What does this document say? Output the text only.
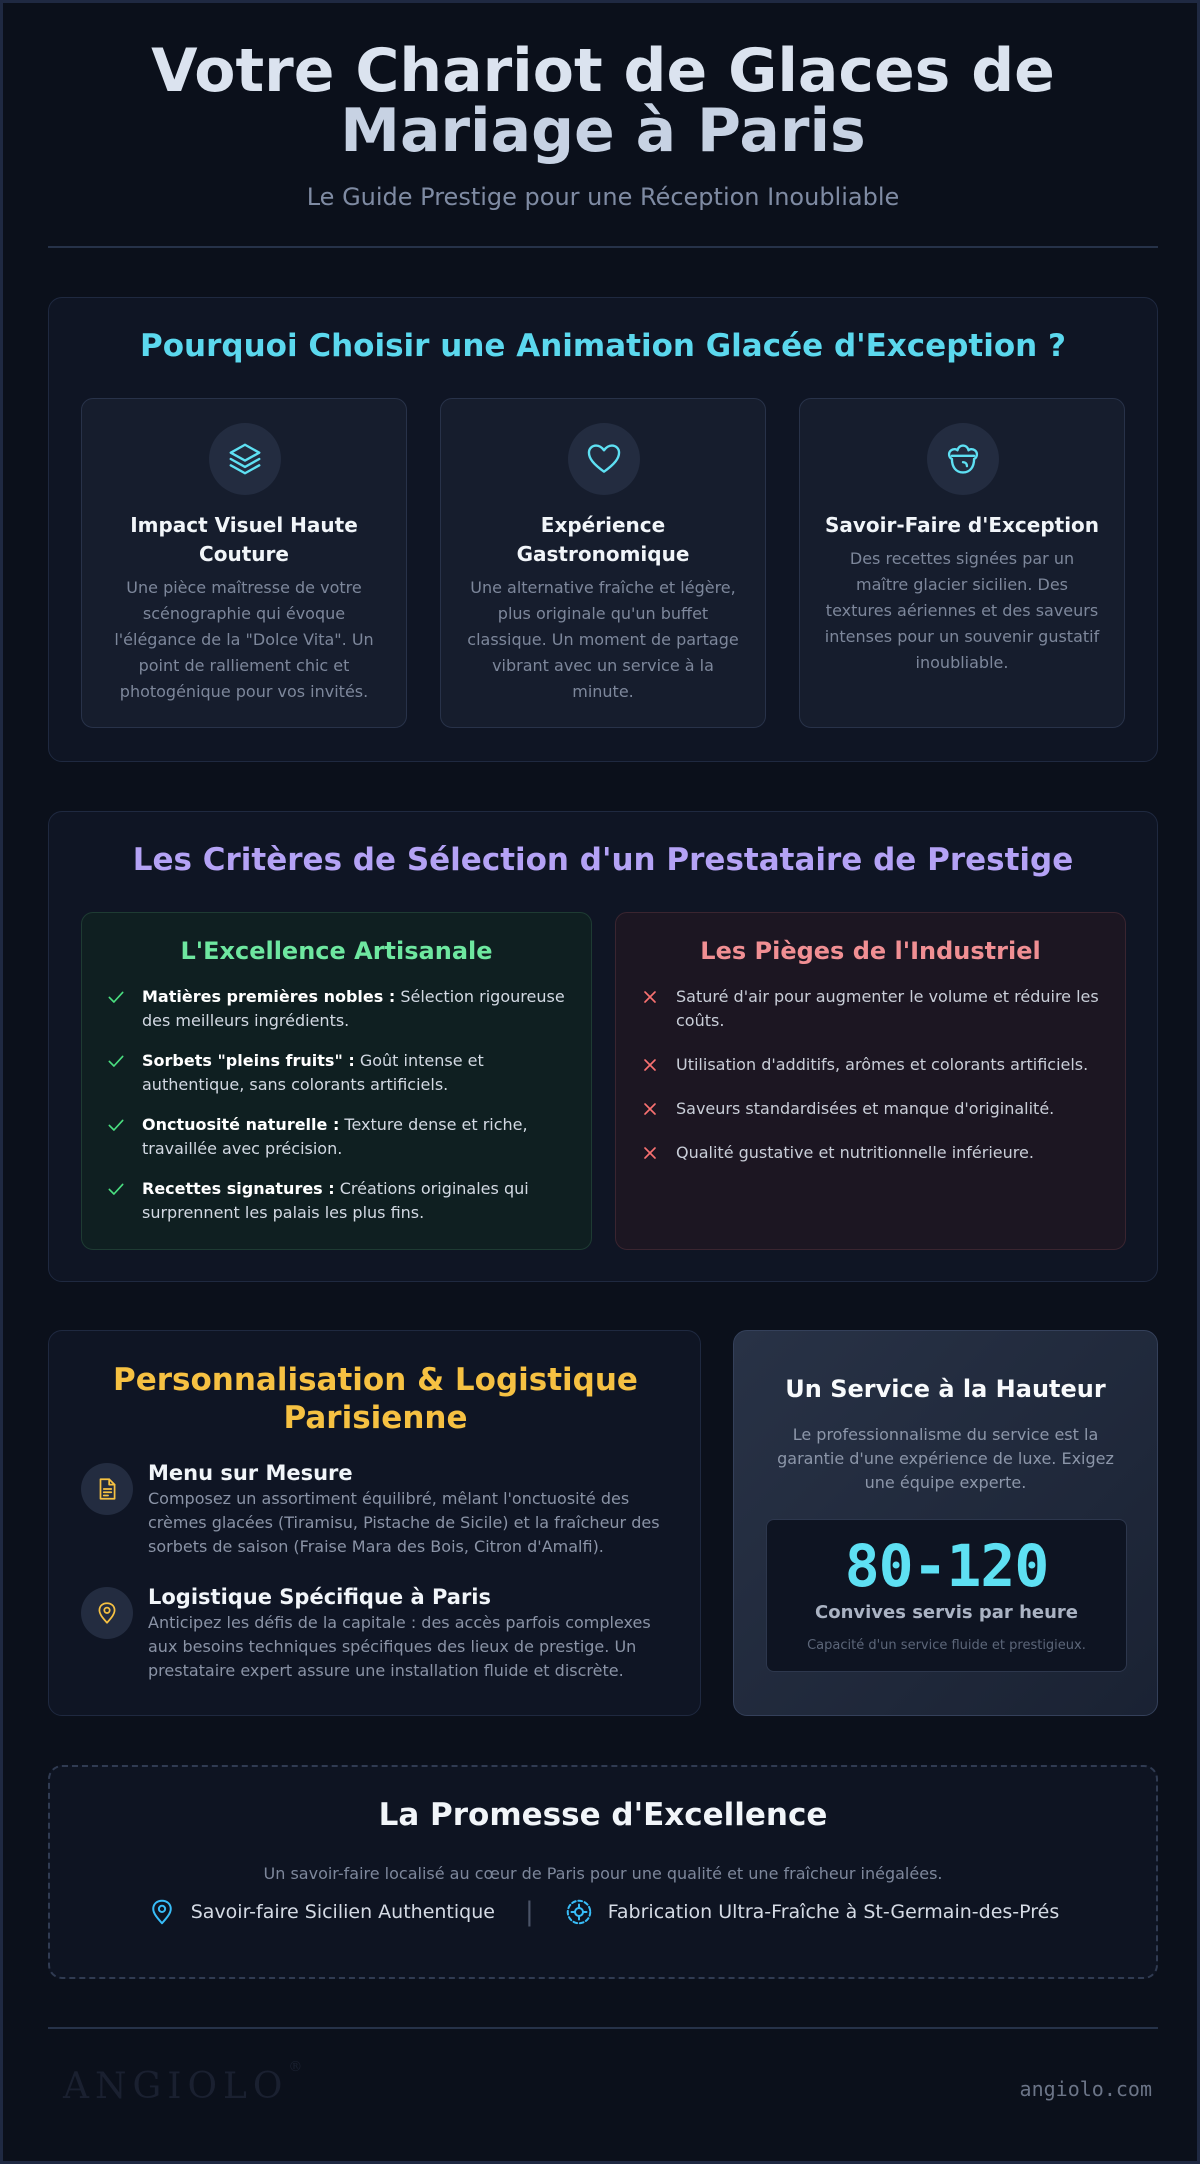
Votre Chariot de Glaces de
Mariage à Paris
Le Guide Prestige pour une Réception Inoubliable
Pourquoi Choisir une Animation Glacée d'Exception ?
Impact Visuel Haute Couture

Une pièce maîtresse de votre scénographie qui évoque l'élégance de la "Dolce Vita". Un point de ralliement chic et photogénique pour vos invités.

Expérience Gastronomique

Une alternative fraîche et légère, plus originale qu'un buffet classique. Un moment de partage vibrant avec un service à la minute.

Savoir-Faire d'Exception

Des recettes signées par un maître glacier sicilien. Des textures aériennes et des saveurs intenses pour un souvenir gustatif inoubliable.

Les Critères de Sélection d'un Prestataire de Prestige
L'Excellence Artisanale
Matières premières nobles : Sélection rigoureuse des meilleurs ingrédients.
Sorbets "pleins fruits" : Goût intense et authentique, sans colorants artificiels.
Onctuosité naturelle : Texture dense et riche, travaillée avec précision.
Recettes signatures : Créations originales qui surprennent les palais les plus fins.
Les Pièges de l'Industriel
Saturé d'air pour augmenter le volume et réduire les coûts.
Utilisation d'additifs, arômes et colorants artificiels.
Saveurs standardisées et manque d'originalité.
Qualité gustative et nutritionnelle inférieure.
Personnalisation & Logistique Parisienne
Menu sur Mesure

Composez un assortiment équilibré, mêlant l'onctuosité des crèmes glacées (Tiramisu, Pistache de Sicile) et la fraîcheur des sorbets de saison (Fraise Mara des Bois, Citron d'Amalfi).

Logistique Spécifique à Paris

Anticipez les défis de la capitale : des accès parfois complexes aux besoins techniques spécifiques des lieux de prestige. Un prestataire expert assure une installation fluide et discrète.

Un Service à la Hauteur

Le professionnalisme du service est la garantie d'une expérience de luxe. Exigez une équipe experte.

80-120
Convives servis par heure
Capacité d'un service fluide et prestigieux.
La Promesse d'Excellence

Un savoir-faire localisé au cœur de Paris pour une qualité et une fraîcheur inégalées.

Savoir-faire Sicilien Authentique |	Fabrication Ultra-Fraîche à St-Germain-des-Prés
ANGIOLO®
angiolo.com
